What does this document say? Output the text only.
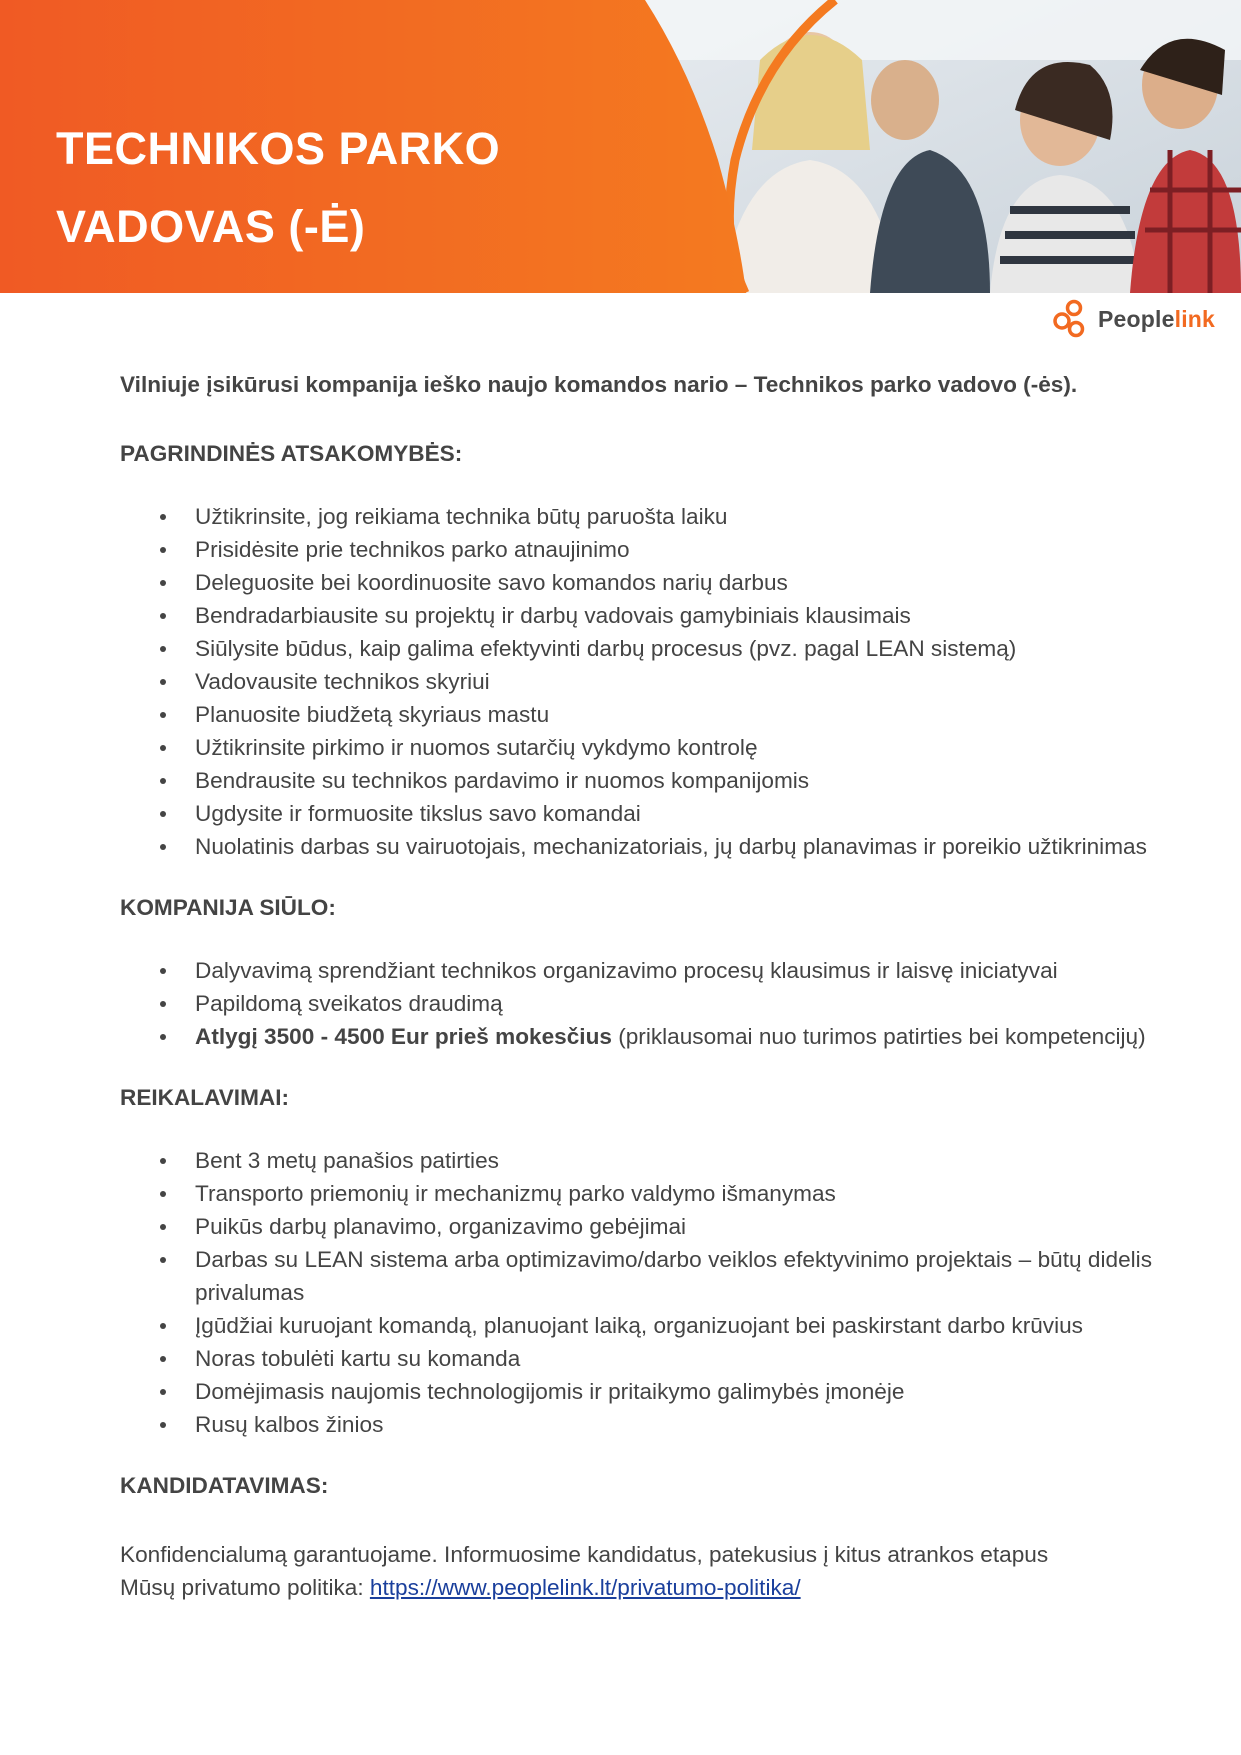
TECHNIKOS PARKO
VADOVAS (-Ė)
Peoplelink

Vilniuje įsikūrusi kompanija ieško naujo komandos nario – Technikos parko vadovo (-ės).

PAGRINDINĖS ATSAKOMYBĖS:

Užtikrinsite, jog reikiama technika būtų paruošta laiku
Prisidėsite prie technikos parko atnaujinimo
Deleguosite bei koordinuosite savo komandos narių darbus
Bendradarbiausite su projektų ir darbų vadovais gamybiniais klausimais
Siūlysite būdus, kaip galima efektyvinti darbų procesus (pvz. pagal LEAN sistemą)
Vadovausite technikos skyriui
Planuosite biudžetą skyriaus mastu
Užtikrinsite pirkimo ir nuomos sutarčių vykdymo kontrolę
Bendrausite su technikos pardavimo ir nuomos kompanijomis
Ugdysite ir formuosite tikslus savo komandai
Nuolatinis darbas su vairuotojais, mechanizatoriais, jų darbų planavimas ir poreikio užtikrinimas

KOMPANIJA SIŪLO:

Dalyvavimą sprendžiant technikos organizavimo procesų klausimus ir laisvę iniciatyvai
Papildomą sveikatos draudimą
Atlygį 3500 - 4500 Eur prieš mokesčius (priklausomai nuo turimos patirties bei kompetencijų)

REIKALAVIMAI:

Bent 3 metų panašios patirties
Transporto priemonių ir mechanizmų parko valdymo išmanymas
Puikūs darbų planavimo, organizavimo gebėjimai
Darbas su LEAN sistema arba optimizavimo/darbo veiklos efektyvinimo projektais – būtų didelis privalumas
Įgūdžiai kuruojant komandą, planuojant laiką, organizuojant bei paskirstant darbo krūvius
Noras tobulėti kartu su komanda
Domėjimasis naujomis technologijomis ir pritaikymo galimybės įmonėje
Rusų kalbos žinios

KANDIDATAVIMAS:

Konfidencialumą garantuojame. Informuosime kandidatus, patekusius į kitus atrankos etapus

Mūsų privatumo politika: https://www.peoplelink.lt/privatumo-politika/
